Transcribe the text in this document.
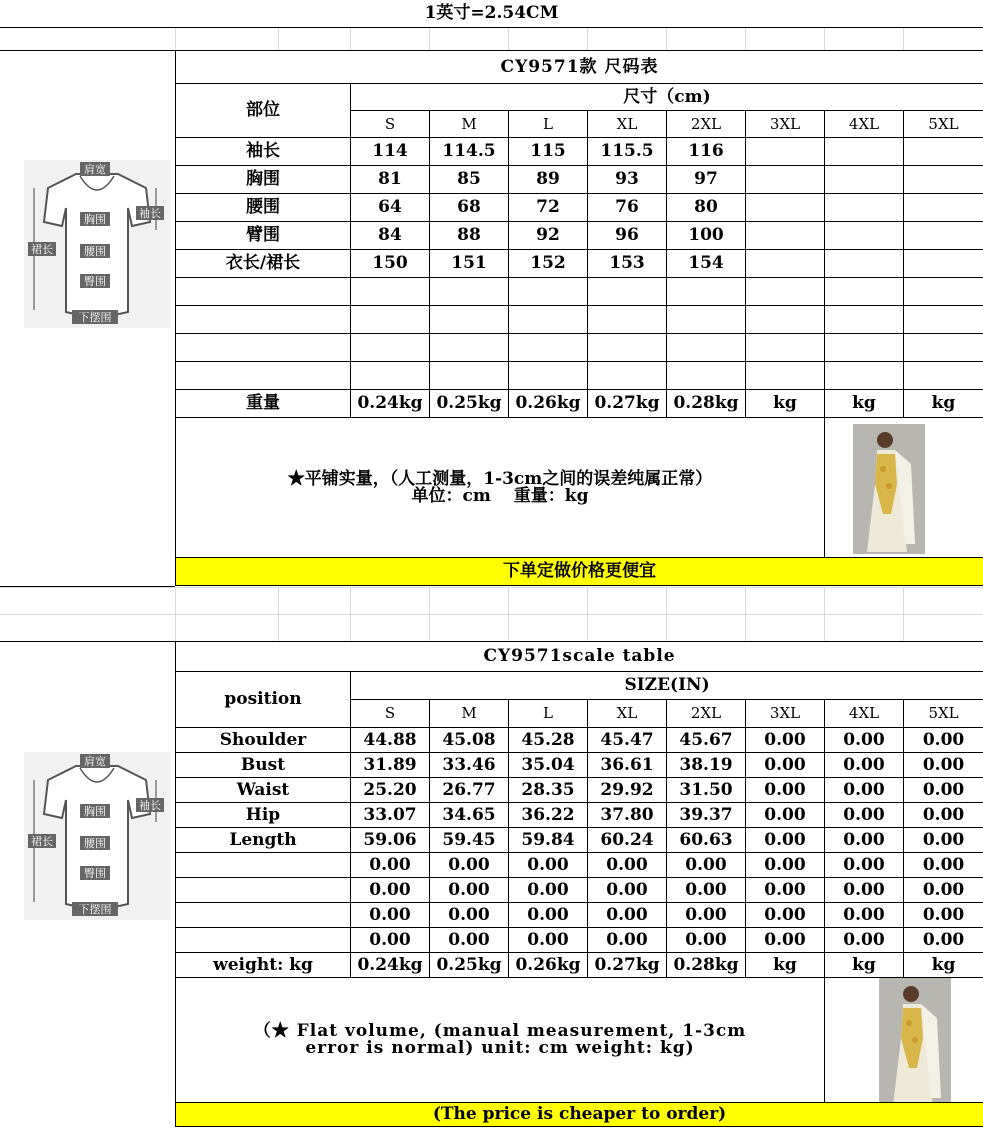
1英寸=2.54CM
肩宽
袖长
胸围
腰围
裙长
臀围
下摆围
肩宽
袖长
胸围
腰围
裙长
臀围
下摆围
CY9571款 尺码表								
部位	尺寸（cm)							
	S	M	L	XL	2XL	3XL	4XL	5XL
袖长	114	114.5	115	115.5	116			
胸围	81	85	89	93	97			
腰围	64	68	72	76	80			
臂围	84	88	92	96	100			
衣长/裙长	150	151	152	153	154			

重量	0.24kg	0.25kg	0.26kg	0.27kg	0.28kg	kg	kg	kg
★平铺实量，（人工测量，1-3cm之间的误差纯属正常）
单位：cm　 重量：kg	

下单定做价格更便宜								
CY9571scale table								
position	SIZE(IN)							
	S	M	L	XL	2XL	3XL	4XL	5XL
Shoulder	44.88	45.08	45.28	45.47	45.67	0.00	0.00	0.00
Bust	31.89	33.46	35.04	36.61	38.19	0.00	0.00	0.00
Waist	25.20	26.77	28.35	29.92	31.50	0.00	0.00	0.00
Hip	33.07	34.65	36.22	37.80	39.37	0.00	0.00	0.00
Length	59.06	59.45	59.84	60.24	60.63	0.00	0.00	0.00
	0.00	0.00	0.00	0.00	0.00	0.00	0.00	0.00
	0.00	0.00	0.00	0.00	0.00	0.00	0.00	0.00
	0.00	0.00	0.00	0.00	0.00	0.00	0.00	0.00
	0.00	0.00	0.00	0.00	0.00	0.00	0.00	0.00
weight: kg	0.24kg	0.25kg	0.26kg	0.27kg	0.28kg	kg	kg	kg
（★ Flat volume, (manual measurement, 1-3cm
error is normal) unit: cm weight: kg)	

(The price is cheaper to order)								
